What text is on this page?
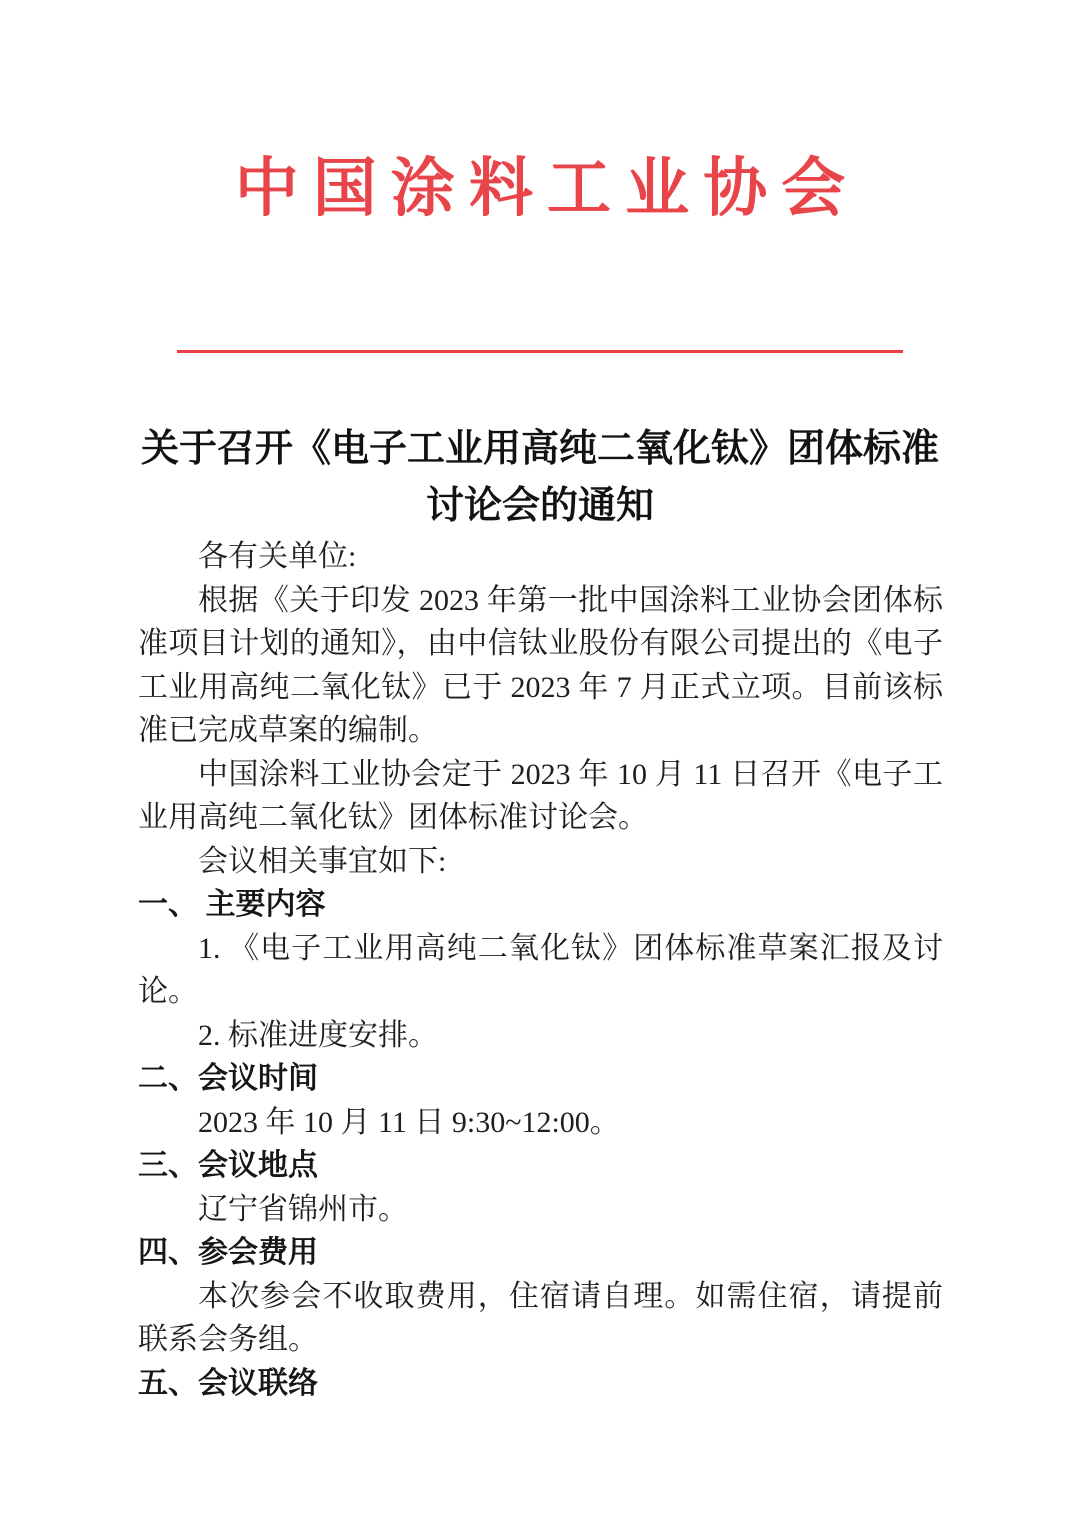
中国涂料工业协会
关于召开《电子工业用高纯二氧化钛》团体标准
讨论会的通知

各有关单位:

根据《关于印发 2023 年第一批中国涂料工业协会团体标准项目计划的通知》，由中信钛业股份有限公司提出的《电子工业用高纯二氧化钛》已于 2023 年 7 月正式立项。目前该标准已完成草案的编制。

中国涂料工业协会定于 2023 年 10 月 11 日召开《电子工业用高纯二氧化钛》团体标准讨论会。

会议相关事宜如下:

一、 主要内容

1. 《电子工业用高纯二氧化钛》团体标准草案汇报及讨论。

2. 标准进度安排。

二、会议时间

2023 年 10 月 11 日 9:30~12:00。

三、会议地点

辽宁省锦州市。

四、参会费用

本次参会不收取费用，住宿请自理。如需住宿，请提前联系会务组。

五、会议联络
